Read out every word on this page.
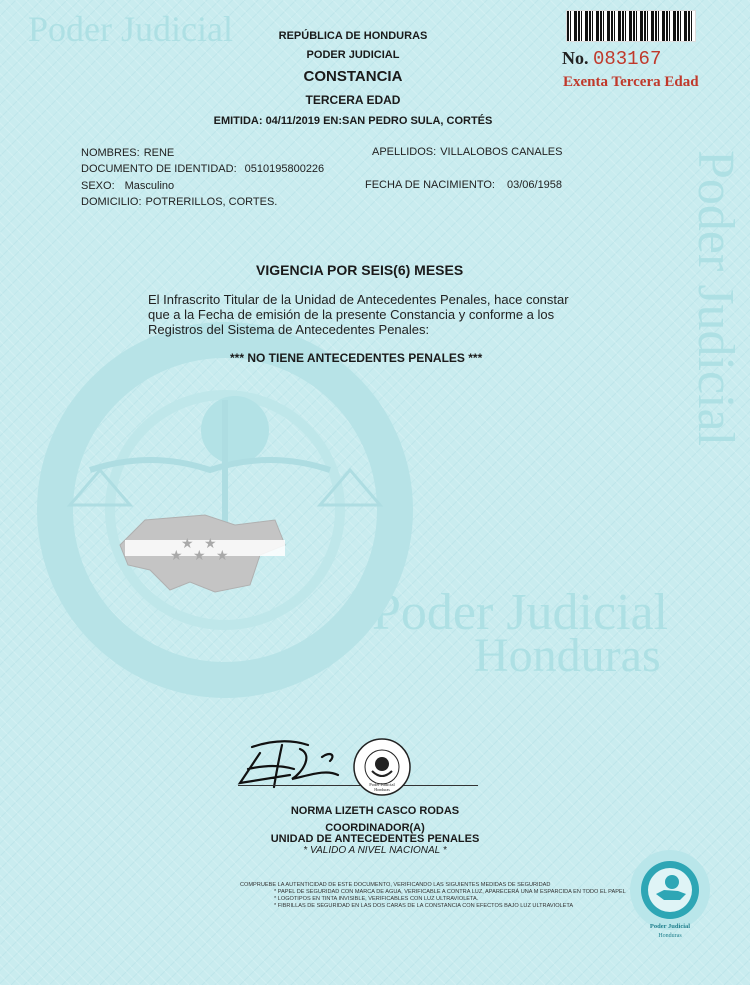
Poder Judicial
Poder Judicial
Poder Judicial
Honduras
★ ★ ★
★ ★
No. 083167
Exenta Tercera Edad
REPÚBLICA DE HONDURAS
PODER JUDICIAL
CONSTANCIA
TERCERA EDAD
EMITIDA: 04/11/2019 EN:SAN PEDRO SULA, CORTÉS
NOMBRES: RENE	APELLIDOS: VILLALOBOS CANALES
DOCUMENTO DE IDENTIDAD: 0510195800226
SEXO: Masculino	FECHA DE NACIMIENTO: 03/06/1958
DOMICILIO: POTRERILLOS, CORTES.
VIGENCIA POR SEIS(6) MESES
El Infrascrito Titular de la Unidad de Antecedentes Penales, hace constar
que a la Fecha de emisión de la presente Constancia y conforme a los
Registros del Sistema de Antecedentes Penales:
*** NO TIENE ANTECEDENTES PENALES ***
Poder Judicial
Honduras
NORMA LIZETH CASCO RODAS
COORDINADOR(A)
UNIDAD DE ANTECEDENTES PENALES
* VALIDO A NIVEL NACIONAL *
COMPRUEBE LA AUTENTICIDAD DE ESTE DOCUMENTO, VERIFICANDO LAS SIGUIENTES MEDIDAS DE SEGURIDAD
* PAPEL DE SEGURIDAD CON MARCA DE AGUA, VERIFICABLE A CONTRA LUZ, APARECERÁ UNA M ESPARCIDA EN TODO EL PAPEL
* LOGOTIPOS EN TINTA INVISIBLE, VERIFICABLES CON LUZ ULTRAVIOLETA.
* FIBRILLAS DE SEGURIDAD EN LAS DOS CARAS DE LA CONSTANCIA CON EFECTOS BAJO LUZ ULTRAVIOLETA
Poder Judicial
Honduras
